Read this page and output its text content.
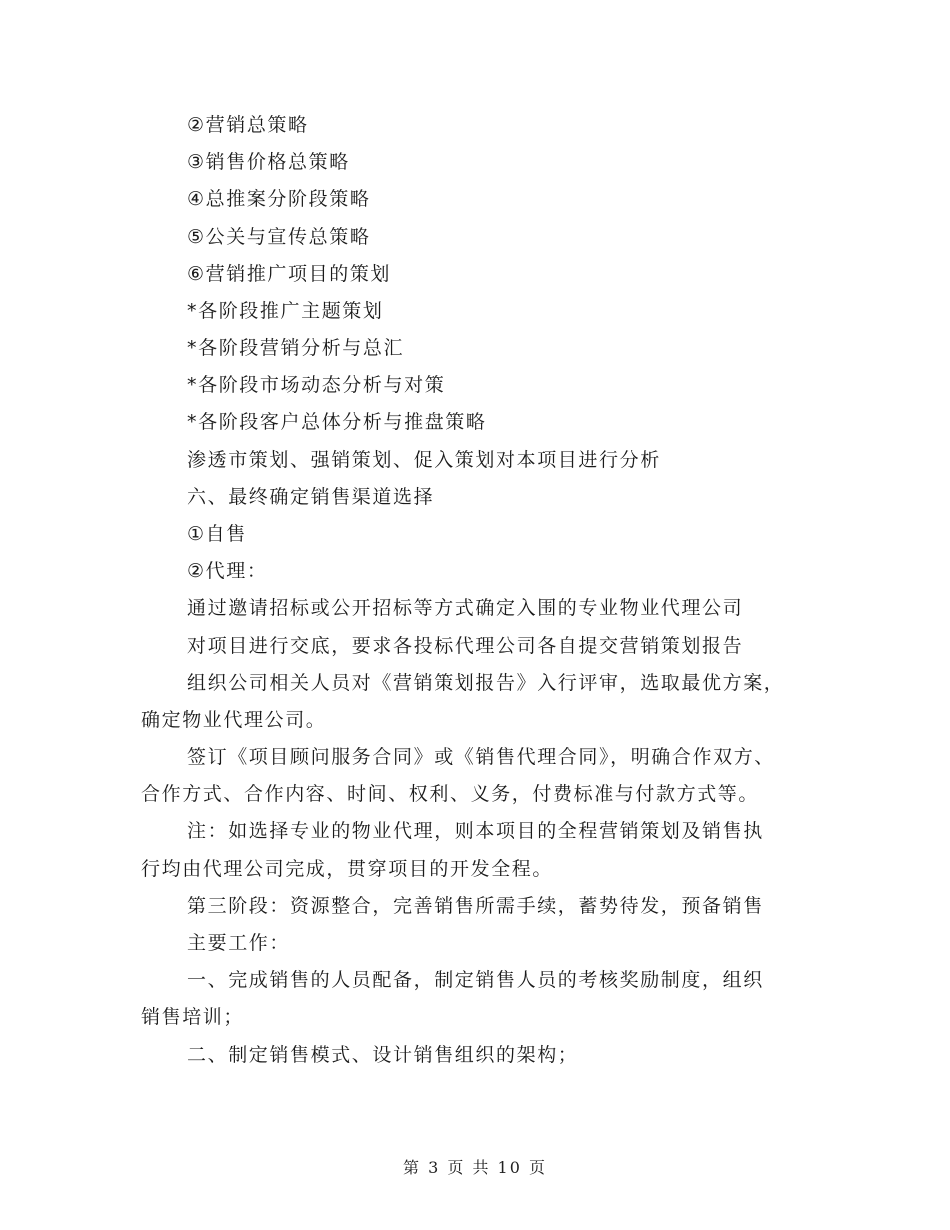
②营销总策略
③销售价格总策略
④总推案分阶段策略
⑤公关与宣传总策略
⑥营销推广项目的策划
*各阶段推广主题策划
*各阶段营销分析与总汇
*各阶段市场动态分析与对策
*各阶段客户总体分析与推盘策略
渗透市策划、强销策划、促入策划对本项目进行分析
六、最终确定销售渠道选择
①自售
②代理：
通过邀请招标或公开招标等方式确定入围的专业物业代理公司
对项目进行交底，要求各投标代理公司各自提交营销策划报告
组织公司相关人员对《营销策划报告》入行评审，选取最优方案，
确定物业代理公司。
签订《项目顾问服务合同》或《销售代理合同》，明确合作双方、
合作方式、合作内容、时间、权利、义务，付费标准与付款方式等。
注：如选择专业的物业代理，则本项目的全程营销策划及销售执
行均由代理公司完成，贯穿项目的开发全程。
第三阶段：资源整合，完善销售所需手续，蓄势待发，预备销售
主要工作：
一、完成销售的人员配备，制定销售人员的考核奖励制度，组织
销售培训；
二、制定销售模式、设计销售组织的架构；
第 3 页 共 10 页
